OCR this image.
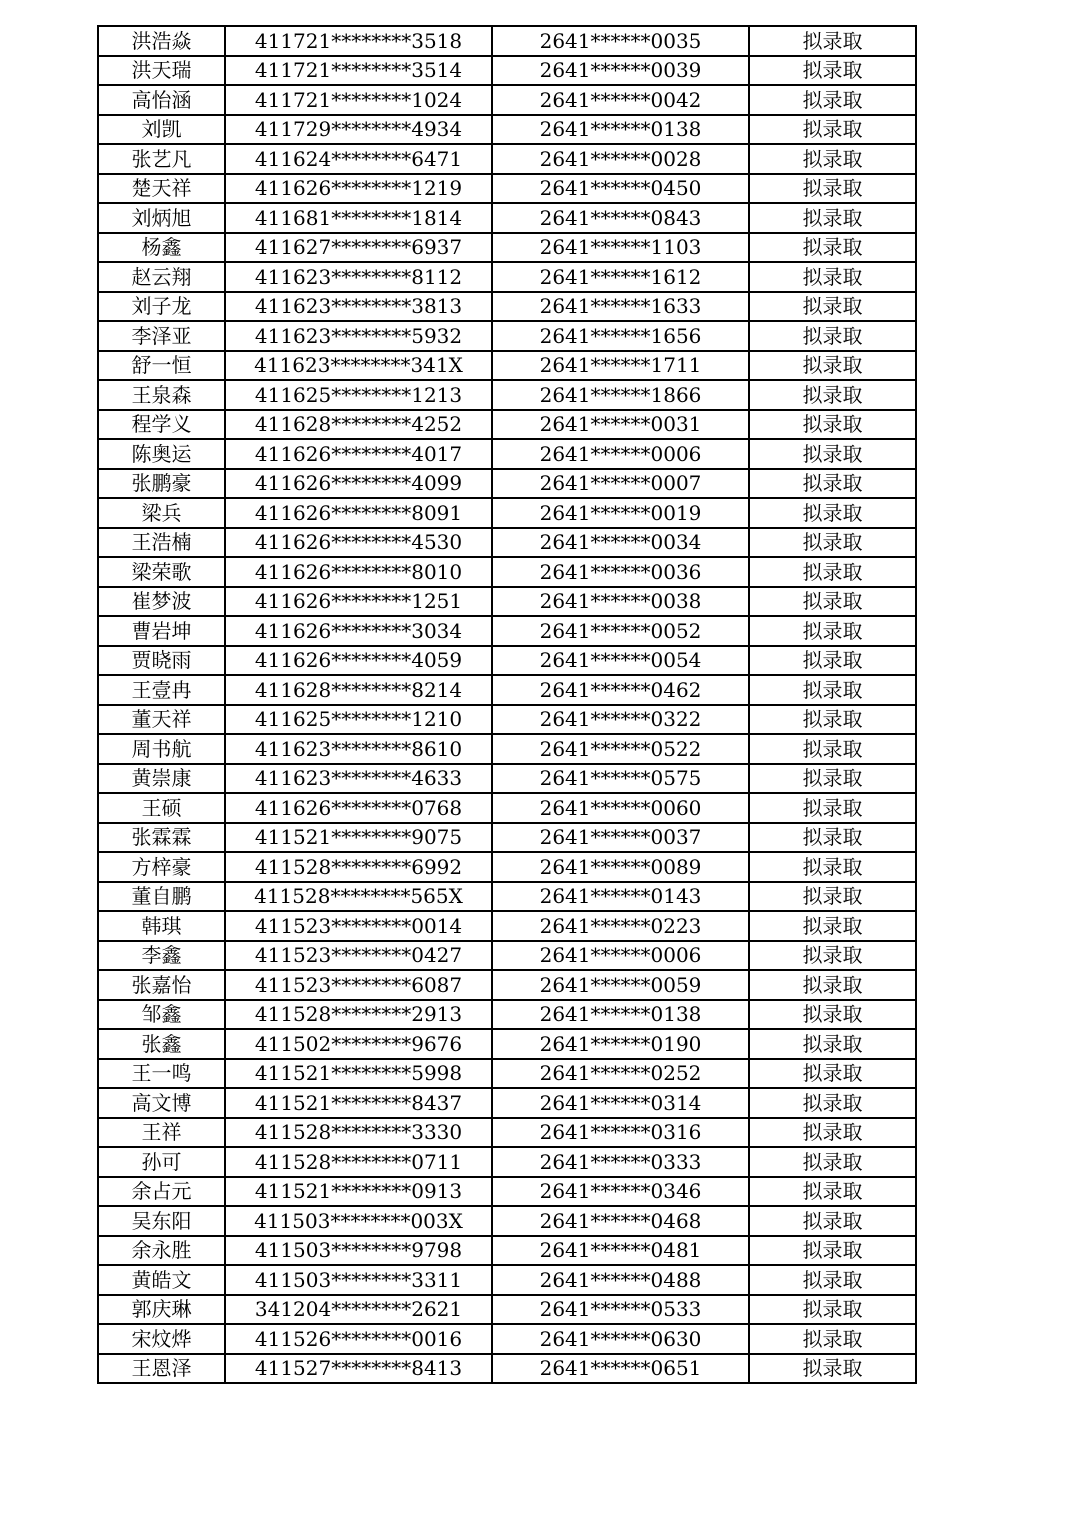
洪浩焱	411721********3518	2641******0035	拟录取
洪天瑞	411721********3514	2641******0039	拟录取
高怡涵	411721********1024	2641******0042	拟录取
刘凯	411729********4934	2641******0138	拟录取
张艺凡	411624********6471	2641******0028	拟录取
楚天祥	411626********1219	2641******0450	拟录取
刘炳旭	411681********1814	2641******0843	拟录取
杨鑫	411627********6937	2641******1103	拟录取
赵云翔	411623********8112	2641******1612	拟录取
刘子龙	411623********3813	2641******1633	拟录取
李泽亚	411623********5932	2641******1656	拟录取
舒一恒	411623********341X	2641******1711	拟录取
王泉森	411625********1213	2641******1866	拟录取
程学义	411628********4252	2641******0031	拟录取
陈奥运	411626********4017	2641******0006	拟录取
张鹏豪	411626********4099	2641******0007	拟录取
梁兵	411626********8091	2641******0019	拟录取
王浩楠	411626********4530	2641******0034	拟录取
梁荣歌	411626********8010	2641******0036	拟录取
崔梦波	411626********1251	2641******0038	拟录取
曹岩坤	411626********3034	2641******0052	拟录取
贾晓雨	411626********4059	2641******0054	拟录取
王壹冉	411628********8214	2641******0462	拟录取
董天祥	411625********1210	2641******0322	拟录取
周书航	411623********8610	2641******0522	拟录取
黄崇康	411623********4633	2641******0575	拟录取
王硕	411626********0768	2641******0060	拟录取
张霖霖	411521********9075	2641******0037	拟录取
方梓豪	411528********6992	2641******0089	拟录取
董自鹏	411528********565X	2641******0143	拟录取
韩琪	411523********0014	2641******0223	拟录取
李鑫	411523********0427	2641******0006	拟录取
张嘉怡	411523********6087	2641******0059	拟录取
邹鑫	411528********2913	2641******0138	拟录取
张鑫	411502********9676	2641******0190	拟录取
王一鸣	411521********5998	2641******0252	拟录取
高文博	411521********8437	2641******0314	拟录取
王祥	411528********3330	2641******0316	拟录取
孙可	411528********0711	2641******0333	拟录取
余占元	411521********0913	2641******0346	拟录取
吴东阳	411503********003X	2641******0468	拟录取
余永胜	411503********9798	2641******0481	拟录取
黄皓文	411503********3311	2641******0488	拟录取
郭庆琳	341204********2621	2641******0533	拟录取
宋炆烨	411526********0016	2641******0630	拟录取
王恩泽	411527********8413	2641******0651	拟录取
